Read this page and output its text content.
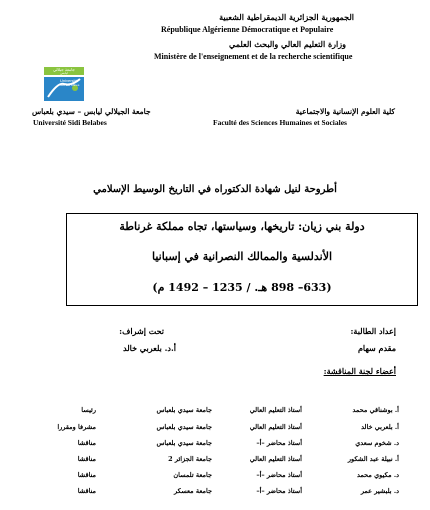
الجمهورية الجزائرية الديمقراطية الشعبية
République Algérienne Démocratique et Populaire
وزارة التعليم العالي والبحث العلمي
Ministère de l'enseignement et de la recherche scientifique
جامعة جيلالي
ليابس
Université
Sidi Bel Abbes
جامعة الجيلالي ليابس – سيدي بلعباس
Université Sidi Belabes
كلية العلوم الإنسانية والاجتماعية
Faculté des Sciences Humaines et Sociales
أطروحة لنيل شهادة الدكتوراه في التاريخ الوسيط الإسلامي
دولة بني زيان: تاريخها، وسياستها، تجاه مملكة غرناطة
الأندلسية والممالك النصرانية في إسبانيا
(633– 898 هـ. / 1235 – 1492 م)
إعداد الطالبة:
مقدم سهام
تحت إشراف:
أ.د. بلعربي خالد
أعضاء لجنة المناقشة:
أ. بوشناقي محمد
أستاذ التعليم العالي
جامعة سيدي بلعباس
رئيسا
أ. بلعربي خالد
أستاذ التعليم العالي
جامعة سيدي بلعباس
مشرفا ومقررا
د. شخوم سعدي
أستاذ محاضر –أ–
جامعة سيدي بلعباس
مناقشا
أ. نبيلة عبد الشكور
أستاذ التعليم العالي
جامعة الجزائر 2
مناقشا
د. مكيوي محمد
أستاذ محاضر –أ–
جامعة تلمسان
مناقشا
د. بلبشير عمر
أستاذ محاضر –أ–
جامعة معسكر
مناقشا
